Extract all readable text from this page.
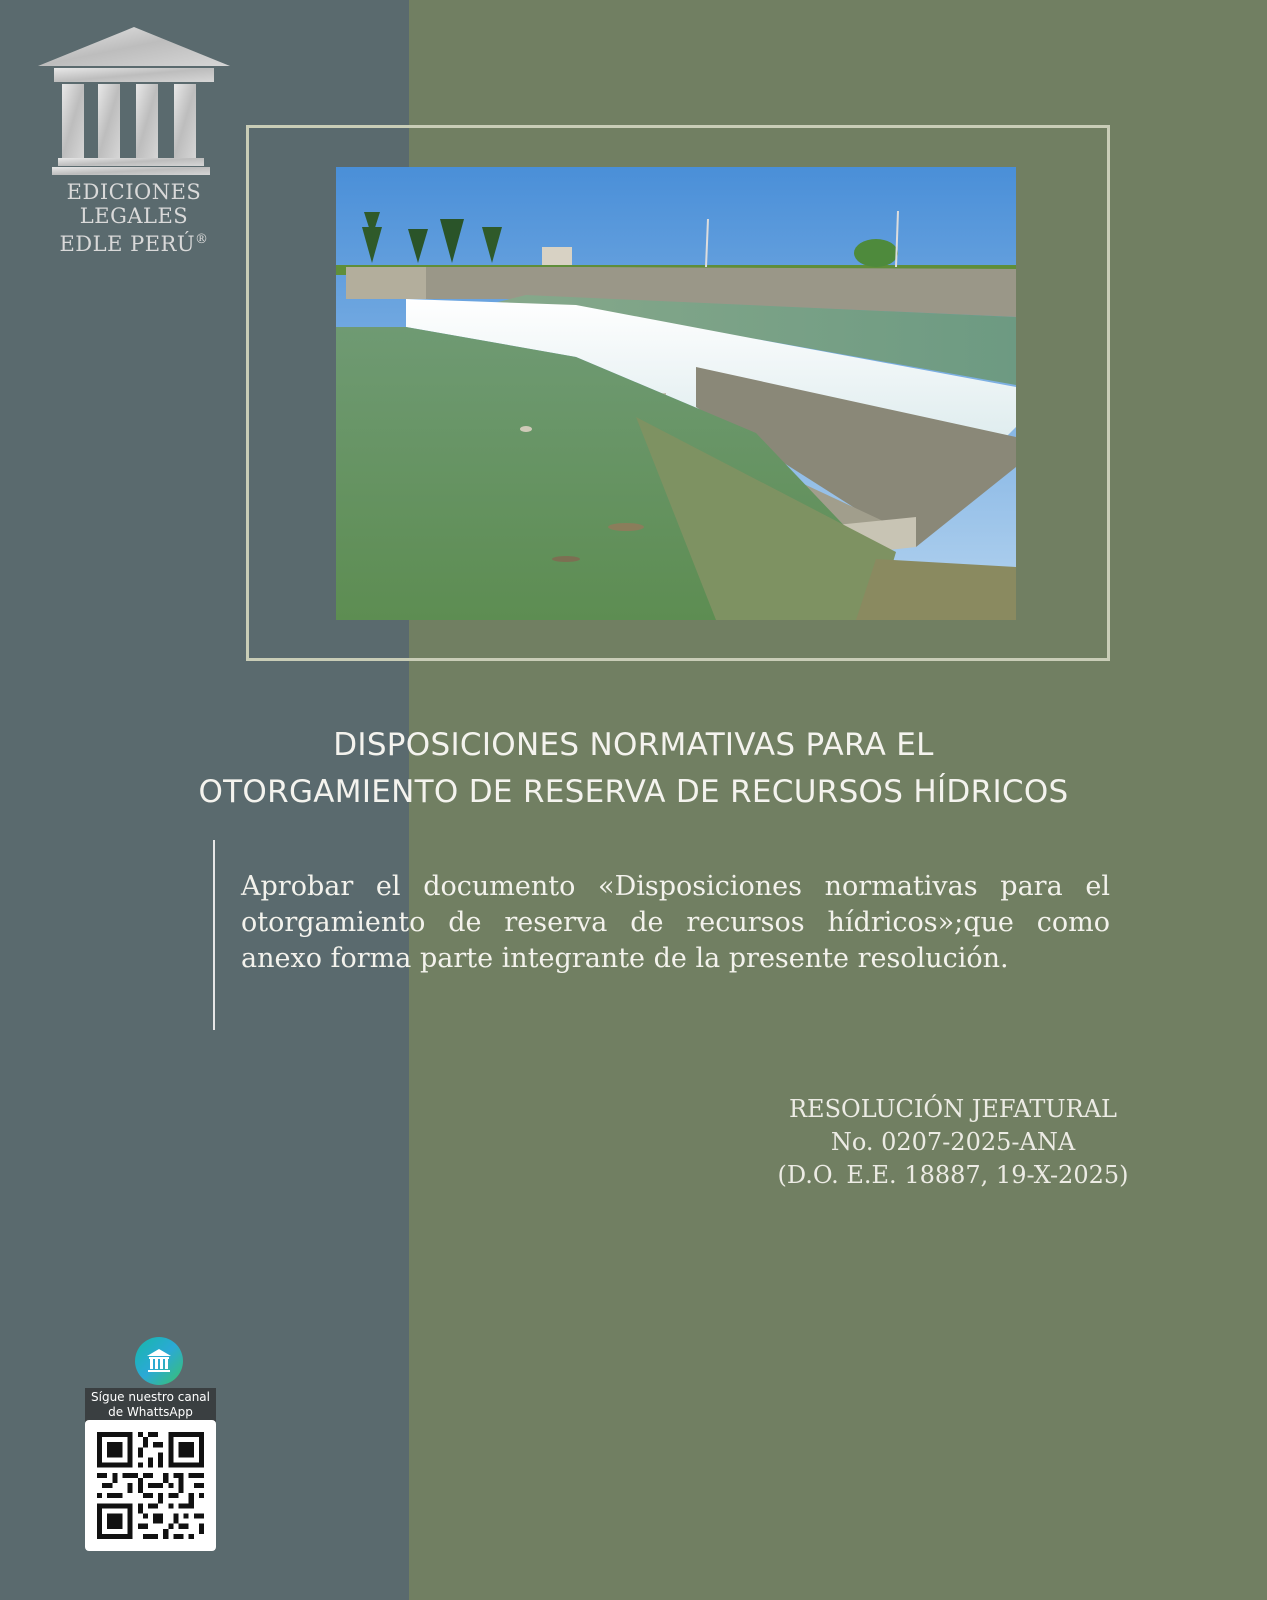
EDICIONES
LEGALES
EDLE PERÚ®
DISPOSICIONES NORMATIVAS PARA EL
OTORGAMIENTO DE RESERVA DE RECURSOS HÍDRICOS
Aprobar el documento «Disposiciones normativas para el otorgamiento de reserva de recursos hídricos»;que como anexo forma parte integrante de la presente resolución.
RESOLUCIÓN JEFATURAL
No. 0207-2025-ANA
(D.O. E.E. 18887, 19-X-2025)
Sígue nuestro canal
de WhattsApp
